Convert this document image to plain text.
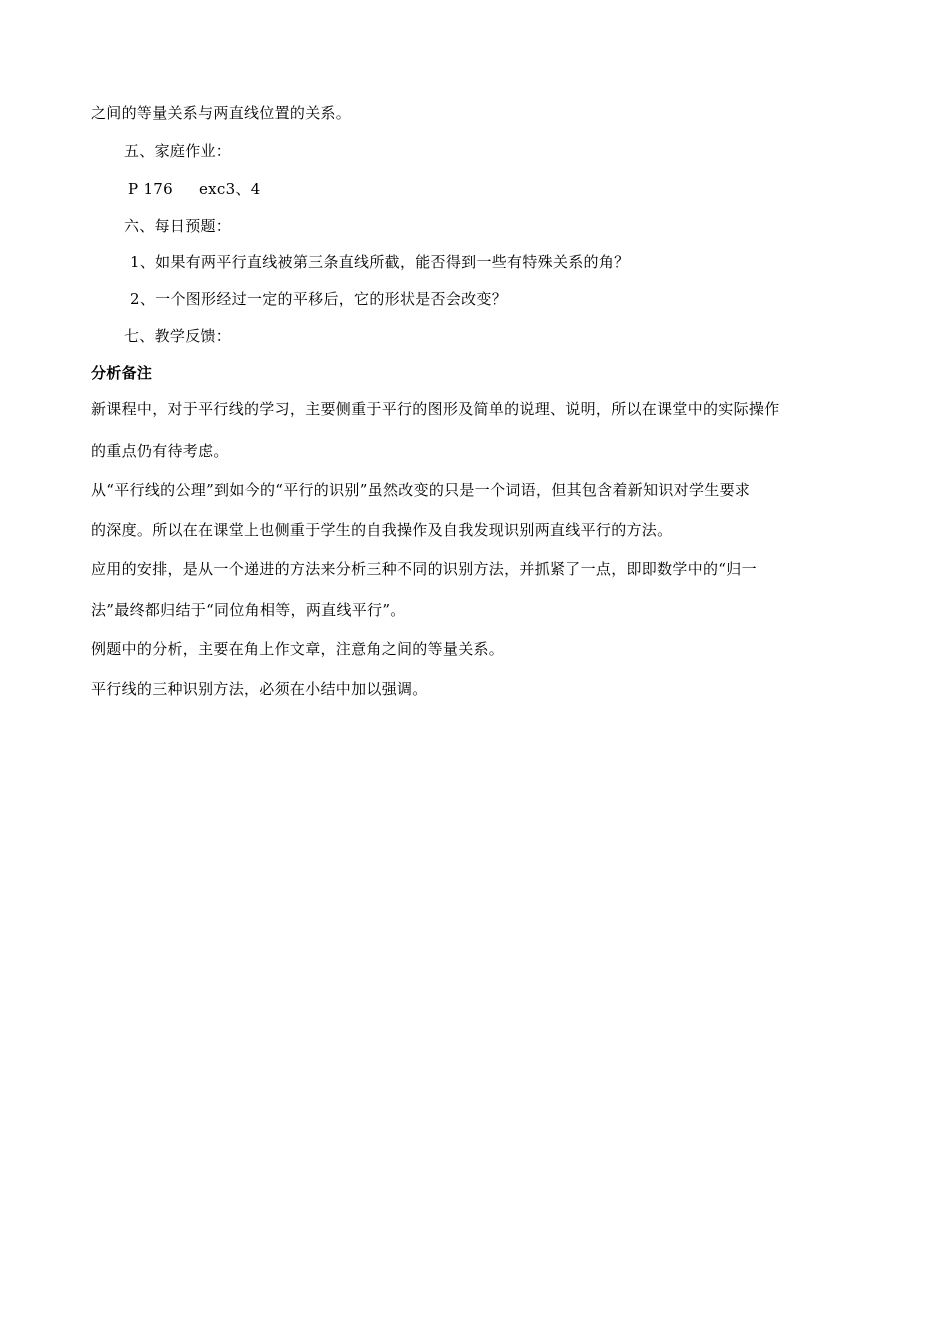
之间的等量关系与两直线位置的关系。
五、家庭作业：
P 176 exc3、4
六、每日预题：
1、如果有两平行直线被第三条直线所截，能否得到一些有特殊关系的角？
2、一个图形经过一定的平移后，它的形状是否会改变？
七、教学反馈：
分析备注
新课程中，对于平行线的学习，主要侧重于平行的图形及简单的说理、说明，所以在课堂中的实际操作
的重点仍有待考虑。
从“平行线的公理”到如今的“平行的识别”虽然改变的只是一个词语，但其包含着新知识对学生要求
的深度。所以在在课堂上也侧重于学生的自我操作及自我发现识别两直线平行的方法。
应用的安排，是从一个递进的方法来分析三种不同的识别方法，并抓紧了一点，即即数学中的“归一
法”最终都归结于“同位角相等，两直线平行”。
例题中的分析，主要在角上作文章，注意角之间的等量关系。
平行线的三种识别方法，必须在小结中加以强调。
